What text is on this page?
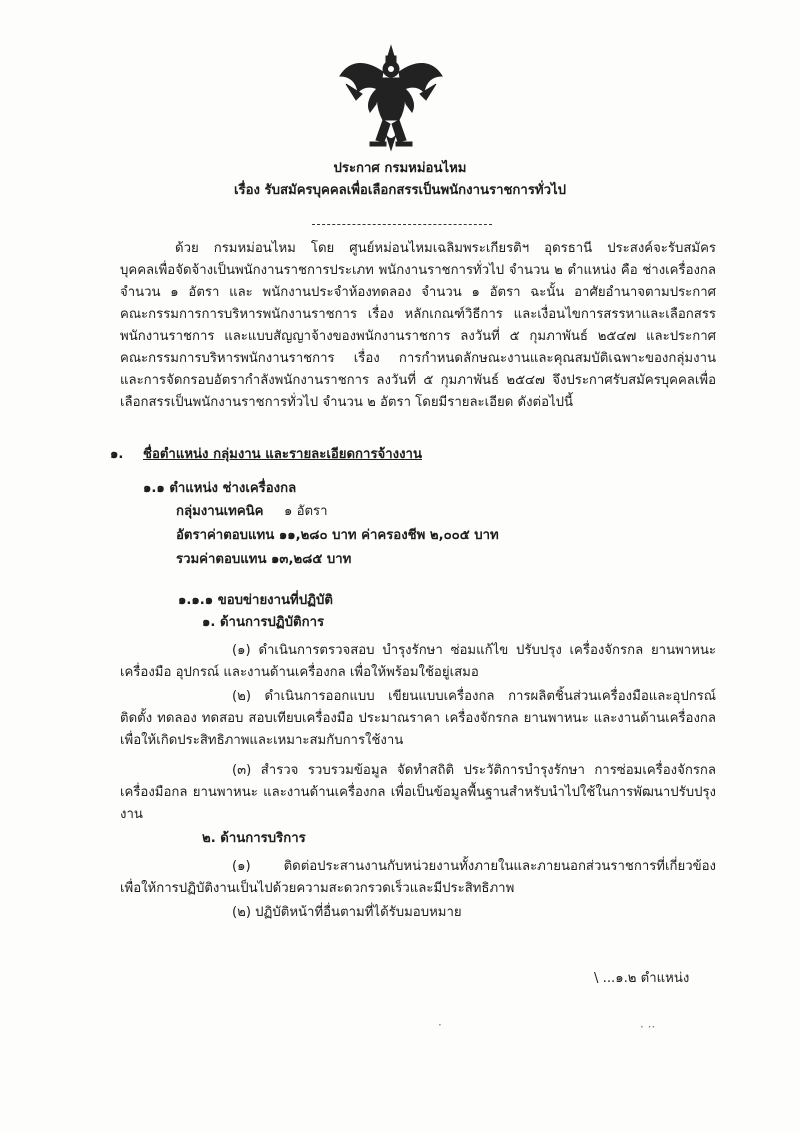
ประกาศ กรมหม่อนไหม
เรื่อง รับสมัครบุคคลเพื่อเลือกสรรเป็นพนักงานราชการทั่วไป
ด้วย กรมหม่อนไหม โดย ศูนย์หม่อนไหมเฉลิมพระเกียรติฯ อุดรธานี ประสงค์จะรับสมัคร
บุคคลเพื่อจัดจ้างเป็นพนักงานราชการประเภท พนักงานราชการทั่วไป จำนวน ๒ ตำแหน่ง คือ ช่างเครื่องกล
จำนวน ๑ อัตรา และ พนักงานประจำห้องทดลอง จำนวน ๑ อัตรา ฉะนั้น อาศัยอำนาจตามประกาศ
คณะกรรมการการบริหารพนักงานราชการ เรื่อง หลักเกณฑ์วิธีการ และเงื่อนไขการสรรหาและเลือกสรร
พนักงานราชการ และแบบสัญญาจ้างของพนักงานราชการ ลงวันที่ ๕ กุมภาพันธ์ ๒๕๔๗ และประกาศ
คณะกรรมการบริหารพนักงานราชการ เรื่อง การกำหนดลักษณะงานและคุณสมบัติเฉพาะของกลุ่มงาน
และการจัดกรอบอัตรากำลังพนักงานราชการ ลงวันที่ ๕ กุมภาพันธ์ ๒๕๔๗ จึงประกาศรับสมัครบุคคลเพื่อ
เลือกสรรเป็นพนักงานราชการทั่วไป จำนวน ๒ อัตรา โดยมีรายละเอียด ดังต่อไปนี้
๑. ชื่อตำแหน่ง กลุ่มงาน และรายละเอียดการจ้างงาน
๑.๑ ตำแหน่ง ช่างเครื่องกล
กลุ่มงานเทคนิค ๑ อัตรา
อัตราค่าตอบแทน ๑๑,๒๘๐ บาท ค่าครองชีพ ๒,๐๐๕ บาท
รวมค่าตอบแทน ๑๓,๒๘๕ บาท
๑.๑.๑ ขอบข่ายงานที่ปฏิบัติ
๑. ด้านการปฏิบัติการ
(๑) ดำเนินการตรวจสอบ บำรุงรักษา ซ่อมแก้ไข ปรับปรุง เครื่องจักรกล ยานพาหนะ
เครื่องมือ อุปกรณ์ และงานด้านเครื่องกล เพื่อให้พร้อมใช้อยู่เสมอ
(๒) ดำเนินการออกแบบ เขียนแบบเครื่องกล การผลิตชิ้นส่วนเครื่องมือและอุปกรณ์
ติดตั้ง ทดลอง ทดสอบ สอบเทียบเครื่องมือ ประมาณราคา เครื่องจักรกล ยานพาหนะ และงานด้านเครื่องกล
เพื่อให้เกิดประสิทธิภาพและเหมาะสมกับการใช้งาน
(๓) สำรวจ รวบรวมข้อมูล จัดทำสถิติ ประวัติการบำรุงรักษา การซ่อมเครื่องจักรกล
เครื่องมือกล ยานพาหนะ และงานด้านเครื่องกล เพื่อเป็นข้อมูลพื้นฐานสำหรับนำไปใช้ในการพัฒนาปรับปรุง
งาน
๒. ด้านการบริการ
(๑) ติดต่อประสานงานกับหน่วยงานทั้งภายในและภายนอกส่วนราชการที่เกี่ยวข้อง
เพื่อให้การปฏิบัติงานเป็นไปด้วยความสะดวกรวดเร็วและมีประสิทธิภาพ
(๒) ปฏิบัติหน้าที่อื่นตามที่ได้รับมอบหมาย
\ ...๑.๒ ตำแหน่ง
·	· ··
